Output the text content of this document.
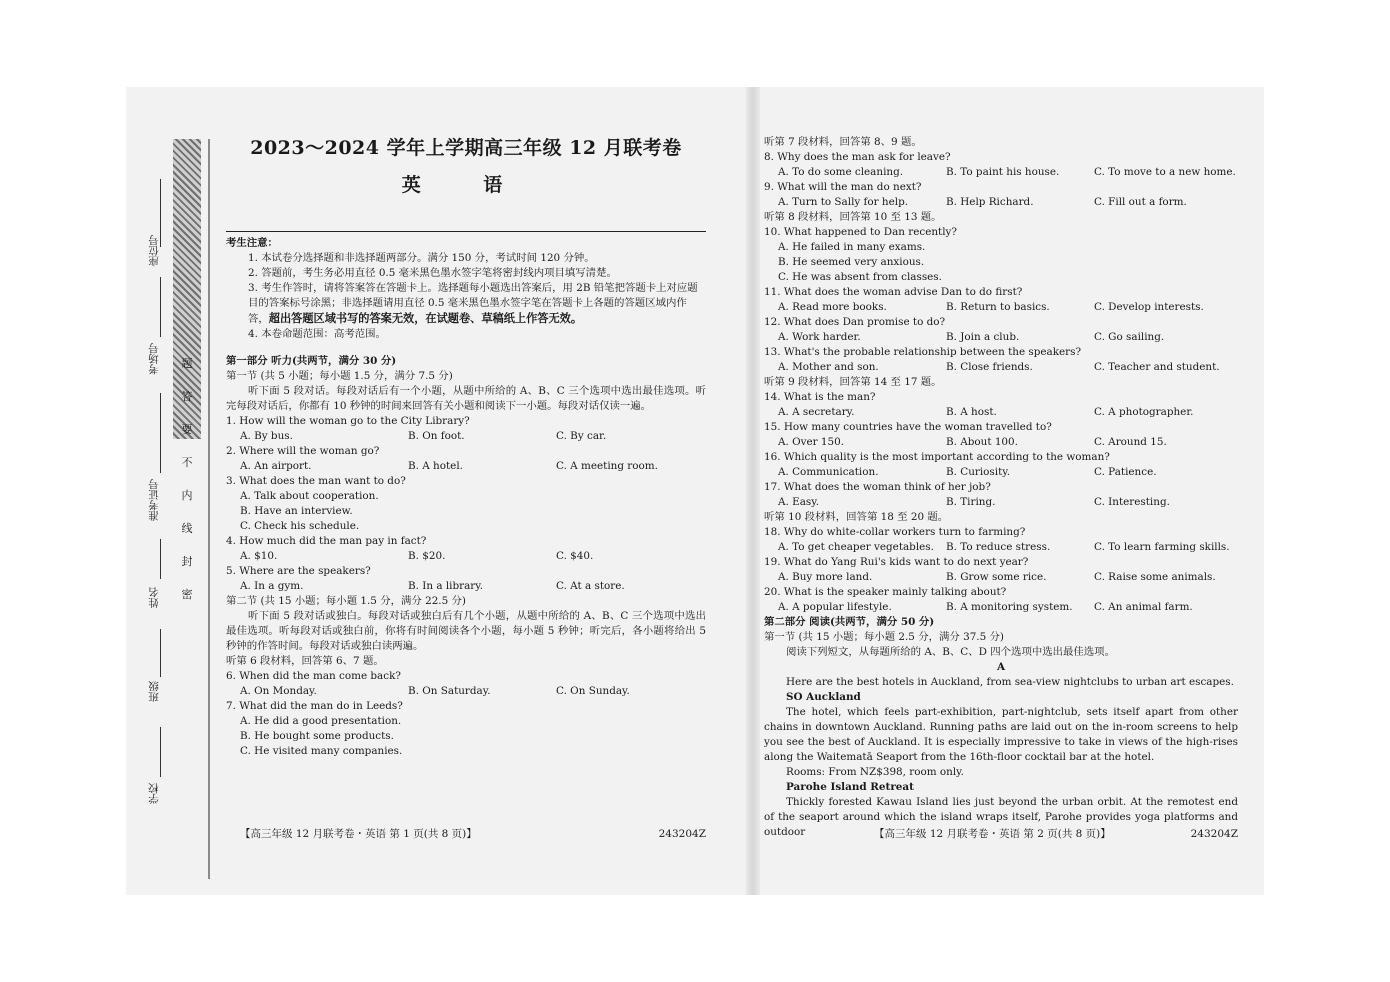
题
答
要
不
内
线
封
密
座位号
考场号
准考证号
姓名
班级
学校
2023～2024 学年上学期高三年级 12 月联考卷
英 语
考生注意：
1. 本试卷分选择题和非选择题两部分。满分 150 分，考试时间 120 分钟。
2. 答题前，考生务必用直径 0.5 毫米黑色墨水签字笔将密封线内项目填写清楚。
3. 考生作答时，请将答案答在答题卡上。选择题每小题选出答案后，用 2B 铅笔把答题卡上对应题目的答案标号涂黑；非选择题请用直径 0.5 毫米黑色墨水签字笔在答题卡上各题的答题区域内作答，超出答题区域书写的答案无效，在试题卷、草稿纸上作答无效。
4. 本卷命题范围：高考范围。
第一部分 听力(共两节，满分 30 分)
第一节 (共 5 小题；每小题 1.5 分，满分 7.5 分)
听下面 5 段对话。每段对话后有一个小题，从题中所给的 A、B、C 三个选项中选出最佳选项。听完每段对话后，你都有 10 秒钟的时间来回答有关小题和阅读下一小题。每段对话仅读一遍。
1. How will the woman go to the City Library?
A. By bus.	B. On foot.	C. By car.
2. Where will the woman go?
A. An airport.	B. A hotel.	C. A meeting room.
3. What does the man want to do?
A. Talk about cooperation.
B. Have an interview.
C. Check his schedule.
4. How much did the man pay in fact?
A. $10.	B. $20.	C. $40.
5. Where are the speakers?
A. In a gym.	B. In a library.	C. At a store.
第二节 (共 15 小题；每小题 1.5 分，满分 22.5 分)
听下面 5 段对话或独白。每段对话或独白后有几个小题，从题中所给的 A、B、C 三个选项中选出最佳选项。听每段对话或独白前，你将有时间阅读各个小题，每小题 5 秒钟；听完后，各小题将给出 5 秒钟的作答时间。每段对话或独白读两遍。
听第 6 段材料，回答第 6、7 题。
6. When did the man come back?
A. On Monday.	B. On Saturday.	C. On Sunday.
7. What did the man do in Leeds?
A. He did a good presentation.
B. He bought some products.
C. He visited many companies.
【高三年级 12 月联考卷・英语 第 1 页(共 8 页)】	243204Z
听第 7 段材料，回答第 8、9 题。
8. Why does the man ask for leave?
A. To do some cleaning.	B. To paint his house.	C. To move to a new home.
9. What will the man do next?
A. Turn to Sally for help.	B. Help Richard.	C. Fill out a form.
听第 8 段材料，回答第 10 至 13 题。
10. What happened to Dan recently?
A. He failed in many exams.
B. He seemed very anxious.
C. He was absent from classes.
11. What does the woman advise Dan to do first?
A. Read more books.	B. Return to basics.	C. Develop interests.
12. What does Dan promise to do?
A. Work harder.	B. Join a club.	C. Go sailing.
13. What's the probable relationship between the speakers?
A. Mother and son.	B. Close friends.	C. Teacher and student.
听第 9 段材料，回答第 14 至 17 题。
14. What is the man?
A. A secretary.	B. A host.	C. A photographer.
15. How many countries have the woman travelled to?
A. Over 150.	B. About 100.	C. Around 15.
16. Which quality is the most important according to the woman?
A. Communication.	B. Curiosity.	C. Patience.
17. What does the woman think of her job?
A. Easy.	B. Tiring.	C. Interesting.
听第 10 段材料，回答第 18 至 20 题。
18. Why do white-collar workers turn to farming?
A. To get cheaper vegetables.	B. To reduce stress.	C. To learn farming skills.
19. What do Yang Rui's kids want to do next year?
A. Buy more land.	B. Grow some rice.	C. Raise some animals.
20. What is the speaker mainly talking about?
A. A popular lifestyle.	B. A monitoring system.	C. An animal farm.
第二部分 阅读(共两节，满分 50 分)
第一节 (共 15 小题；每小题 2.5 分，满分 37.5 分)
阅读下列短文，从每题所给的 A、B、C、D 四个选项中选出最佳选项。
A
Here are the best hotels in Auckland, from sea-view nightclubs to urban art escapes.
SO Auckland
The hotel, which feels part-exhibition, part-nightclub, sets itself apart from other chains in downtown Auckland. Running paths are laid out on the in-room screens to help you see the best of Auckland. It is especially impressive to take in views of the high-rises along the Waitematā Seaport from the 16th-floor cocktail bar at the hotel.
Rooms: From NZ$398, room only.
Parohe Island Retreat
Thickly forested Kawau Island lies just beyond the urban orbit. At the remotest end of the seaport around which the island wraps itself, Parohe provides yoga platforms and outdoor	【高三年级 12 月联考卷・英语 第 2 页(共 8 页)】	243204Z
